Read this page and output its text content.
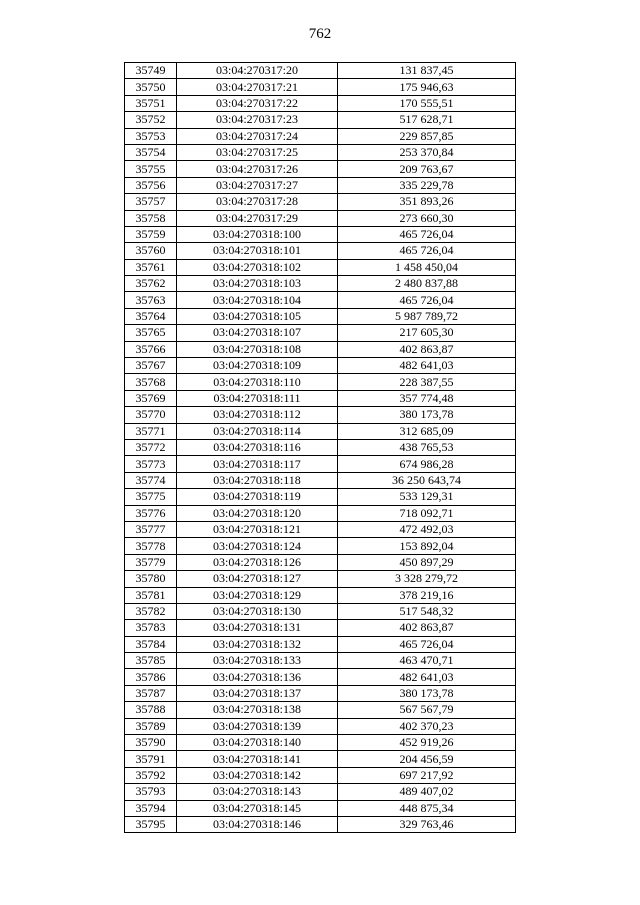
762
35749	03:04:270317:20	131 837,45
35750	03:04:270317:21	175 946,63
35751	03:04:270317:22	170 555,51
35752	03:04:270317:23	517 628,71
35753	03:04:270317:24	229 857,85
35754	03:04:270317:25	253 370,84
35755	03:04:270317:26	209 763,67
35756	03:04:270317:27	335 229,78
35757	03:04:270317:28	351 893,26
35758	03:04:270317:29	273 660,30
35759	03:04:270318:100	465 726,04
35760	03:04:270318:101	465 726,04
35761	03:04:270318:102	1 458 450,04
35762	03:04:270318:103	2 480 837,88
35763	03:04:270318:104	465 726,04
35764	03:04:270318:105	5 987 789,72
35765	03:04:270318:107	217 605,30
35766	03:04:270318:108	402 863,87
35767	03:04:270318:109	482 641,03
35768	03:04:270318:110	228 387,55
35769	03:04:270318:111	357 774,48
35770	03:04:270318:112	380 173,78
35771	03:04:270318:114	312 685,09
35772	03:04:270318:116	438 765,53
35773	03:04:270318:117	674 986,28
35774	03:04:270318:118	36 250 643,74
35775	03:04:270318:119	533 129,31
35776	03:04:270318:120	718 092,71
35777	03:04:270318:121	472 492,03
35778	03:04:270318:124	153 892,04
35779	03:04:270318:126	450 897,29
35780	03:04:270318:127	3 328 279,72
35781	03:04:270318:129	378 219,16
35782	03:04:270318:130	517 548,32
35783	03:04:270318:131	402 863,87
35784	03:04:270318:132	465 726,04
35785	03:04:270318:133	463 470,71
35786	03:04:270318:136	482 641,03
35787	03:04:270318:137	380 173,78
35788	03:04:270318:138	567 567,79
35789	03:04:270318:139	402 370,23
35790	03:04:270318:140	452 919,26
35791	03:04:270318:141	204 456,59
35792	03:04:270318:142	697 217,92
35793	03:04:270318:143	489 407,02
35794	03:04:270318:145	448 875,34
35795	03:04:270318:146	329 763,46
